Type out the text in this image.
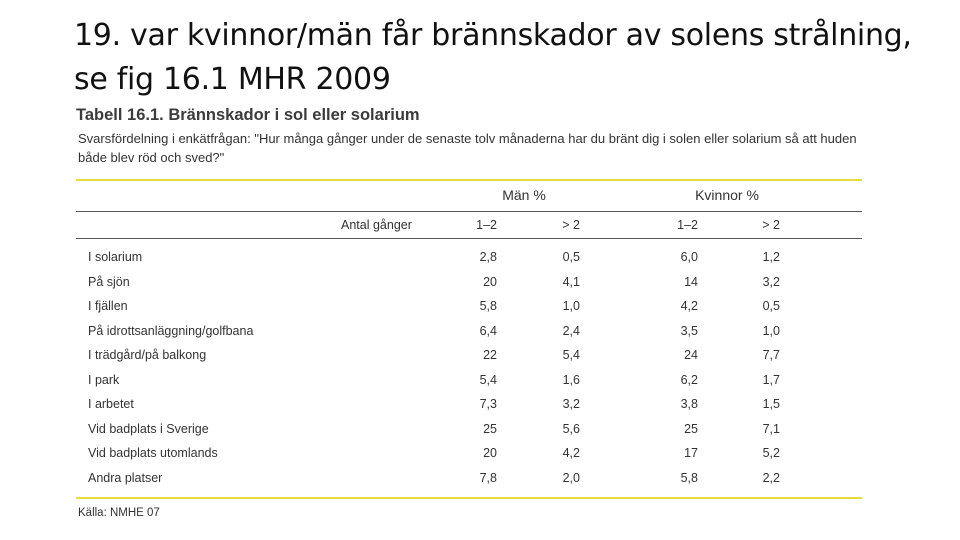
19. var kvinnor/män får brännskador av solens strålning, se fig 16.1 MHR 2009

Tabell 16.1. Brännskador i sol eller solarium

Svarsfördelning i enkätfrågan: "Hur många gånger under de senaste tolv månaderna har du bränt dig i solen eller solarium så att huden både blev röd och sved?"

Män %	Kvinnor %
Antal gånger	1–2	> 2	1–2	> 2
I solarium	2,8	0,5	6,0	1,2
På sjön	20	4,1	14	3,2
I fjällen	5,8	1,0	4,2	0,5
På idrottsanläggning/golfbana	6,4	2,4	3,5	1,0
I trädgård/på balkong	22	5,4	24	7,7
I park	5,4	1,6	6,2	1,7
I arbetet	7,3	3,2	3,8	1,5
Vid badplats i Sverige	25	5,6	25	7,1
Vid badplats utomlands	20	4,2	17	5,2
Andra platser	7,8	2,0	5,8	2,2

Källa: NMHE 07
